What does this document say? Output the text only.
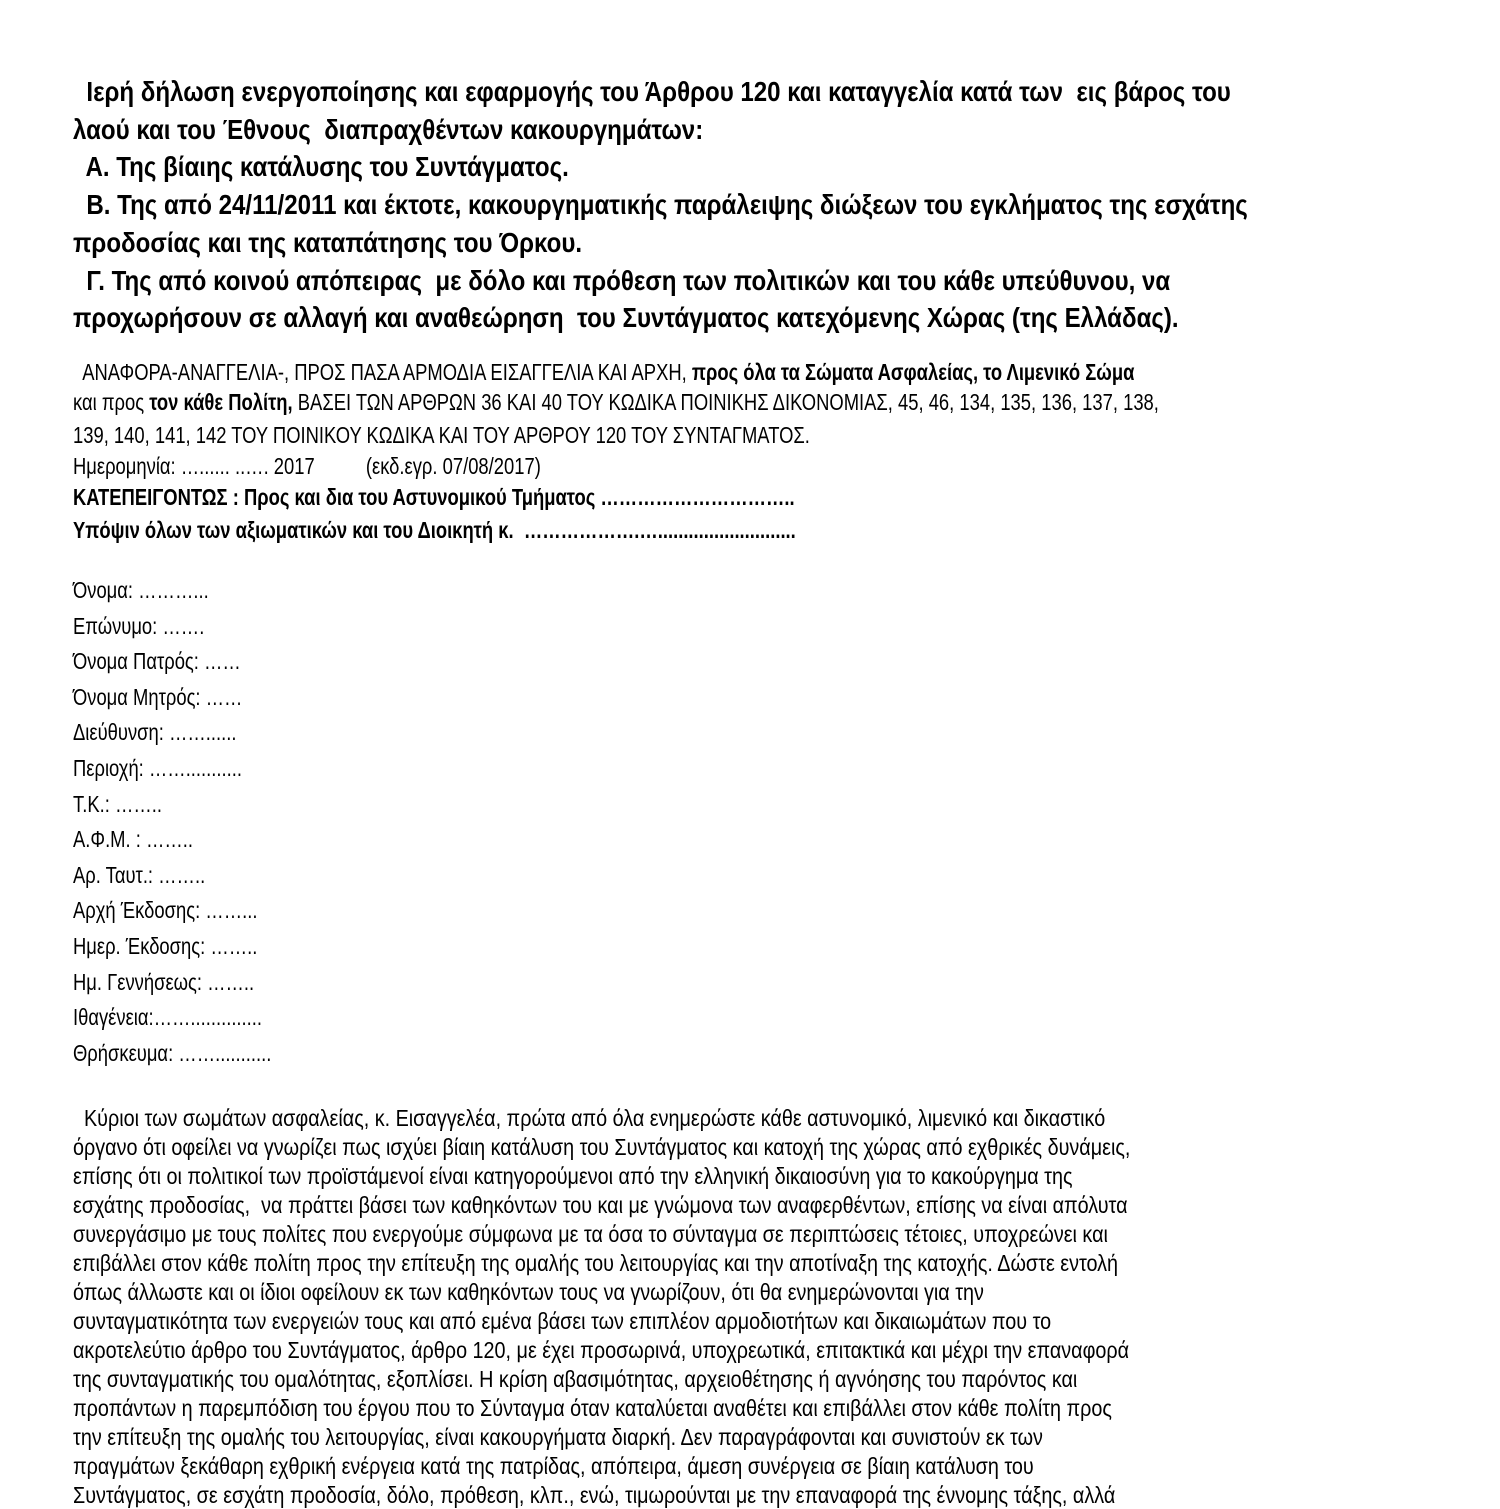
Ιερή δήλωση ενεργοποίησης και εφαρμογής του Άρθρου 120 και καταγγελία κατά των  εις βάρος του
λαού και του Έθνους  διαπραχθέντων κακουργημάτων:
Α. Της βίαιης κατάλυσης του Συντάγματος.
Β. Της από 24/11/2011 και έκτοτε, κακουργηματικής παράλειψης διώξεων του εγκλήματος της εσχάτης
προδοσίας και της καταπάτησης του Όρκου.
Γ. Της από κοινού απόπειρας  με δόλο και πρόθεση των πολιτικών και του κάθε υπεύθυνου, να
προχωρήσουν σε αλλαγή και αναθεώρηση  του Συντάγματος κατεχόμενης Χώρας (της Ελλάδας).
ΑΝΑΦΟΡΑ-ΑΝΑΓΓΕΛΙΑ-, ΠΡΟΣ ΠΑΣΑ ΑΡΜΟΔΙΑ ΕΙΣΑΓΓΕΛΙΑ ΚΑΙ ΑΡΧΗ, προς όλα τα Σώματα Ασφαλείας, το Λιμενικό Σώμα
και προς τον κάθε Πολίτη, ΒΑΣΕΙ ΤΩΝ ΑΡΘΡΩΝ 36 ΚΑΙ 40 ΤΟΥ ΚΩΔΙΚΑ ΠΟΙΝΙΚΗΣ ΔΙΚΟΝΟΜΙΑΣ, 45, 46, 134, 135, 136, 137, 138,
139, 140, 141, 142 ΤΟΥ ΠΟΙΝΙΚΟΥ ΚΩΔΙΚΑ ΚΑΙ ΤΟΥ ΑΡΘΡΟΥ 120 ΤΟΥ ΣΥΝΤΑΓΜΑΤΟΣ.
Ημερομηνία: …...... ..…. 2017          (εκδ.εγρ. 07/08/2017)
ΚΑΤΕΠΕΙΓΟΝΤΩΣ : Προς και δια του Αστυνομικού Τμήματος …………………………..
Υπόψιν όλων των αξιωματικών και του Διοικητή κ.  ……………….…...........................
Όνομα: ………...
Επώνυμο: …….
Όνομα Πατρός: ……
Όνομα Μητρός: ……
Διεύθυνση: ……......
Περιοχή: ……...........
Τ.Κ.: ……..
Α.Φ.Μ. : ……..
Αρ. Ταυτ.: ……..
Αρχή Έκδοσης: ……...
Ημερ. Έκδοσης: ……..
Ημ. Γεννήσεως: ……..
Ιθαγένεια:……..............
Θρήσκευμα: ……...........
Κύριοι των σωμάτων ασφαλείας, κ. Εισαγγελέα, πρώτα από όλα ενημερώστε κάθε αστυνομικό, λιμενικό και δικαστικό
όργανο ότι οφείλει να γνωρίζει πως ισχύει βίαιη κατάλυση του Συντάγματος και κατοχή της χώρας από εχθρικές δυνάμεις,
επίσης ότι οι πολιτικοί των προϊστάμενοί είναι κατηγορούμενοι από την ελληνική δικαιοσύνη για το κακούργημα της
εσχάτης προδοσίας,  να πράττει βάσει των καθηκόντων του και με γνώμονα των αναφερθέντων, επίσης να είναι απόλυτα
συνεργάσιμο με τους πολίτες που ενεργούμε σύμφωνα με τα όσα το σύνταγμα σε περιπτώσεις τέτοιες, υποχρεώνει και
επιβάλλει στον κάθε πολίτη προς την επίτευξη της ομαλής του λειτουργίας και την αποτίναξη της κατοχής. Δώστε εντολή
όπως άλλωστε και οι ίδιοι οφείλουν εκ των καθηκόντων τους να γνωρίζουν, ότι θα ενημερώνονται για την
συνταγματικότητα των ενεργειών τους και από εμένα βάσει των επιπλέον αρμοδιοτήτων και δικαιωμάτων που το
ακροτελεύτιο άρθρο του Συντάγματος, άρθρο 120, με έχει προσωρινά, υποχρεωτικά, επιτακτικά και μέχρι την επαναφορά
της συνταγματικής του ομαλότητας, εξοπλίσει. Η κρίση αβασιμότητας, αρχειοθέτησης ή αγνόησης του παρόντος και
προπάντων η παρεμπόδιση του έργου που το Σύνταγμα όταν καταλύεται αναθέτει και επιβάλλει στον κάθε πολίτη προς
την επίτευξη της ομαλής του λειτουργίας, είναι κακουργήματα διαρκή. Δεν παραγράφονται και συνιστούν εκ των
πραγμάτων ξεκάθαρη εχθρική ενέργεια κατά της πατρίδας, απόπειρα, άμεση συνέργεια σε βίαιη κατάλυση του
Συντάγματος, σε εσχάτη προδοσία, δόλο, πρόθεση, κλπ., ενώ, τιμωρούνται με την επαναφορά της έννομης τάξης, αλλά
